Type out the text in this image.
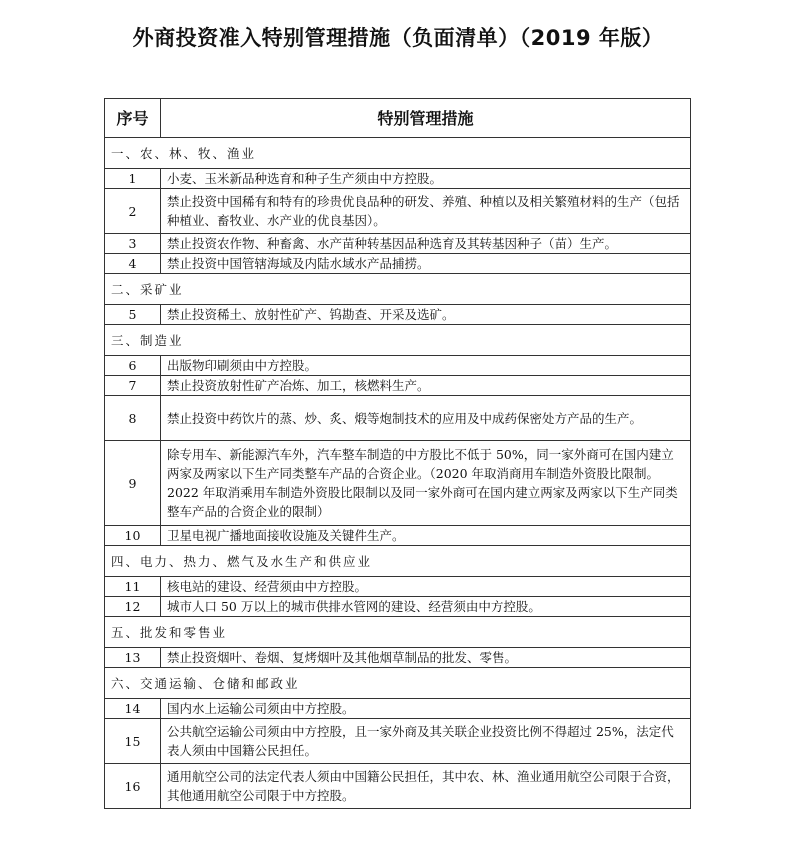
外商投资准入特别管理措施（负面清单）（2019 年版）
序号	特别管理措施
一、农、林、牧、渔业	
1	小麦、玉米新品种选育和种子生产须由中方控股。
2	禁止投资中国稀有和特有的珍贵优良品种的研发、养殖、种植以及相关繁殖材料的生产（包括种植业、畜牧业、水产业的优良基因）。
3	禁止投资农作物、种畜禽、水产苗种转基因品种选育及其转基因种子（苗）生产。
4	禁止投资中国管辖海域及内陆水域水产品捕捞。
二、采矿业	
5	禁止投资稀土、放射性矿产、钨勘查、开采及选矿。
三、制造业	
6	出版物印刷须由中方控股。
7	禁止投资放射性矿产冶炼、加工，核燃料生产。
8	禁止投资中药饮片的蒸、炒、炙、煅等炮制技术的应用及中成药保密处方产品的生产。
9	除专用车、新能源汽车外，汽车整车制造的中方股比不低于 50%，同一家外商可在国内建立两家及两家以下生产同类整车产品的合资企业。（2020 年取消商用车制造外资股比限制。2022 年取消乘用车制造外资股比限制以及同一家外商可在国内建立两家及两家以下生产同类整车产品的合资企业的限制）
10	卫星电视广播地面接收设施及关键件生产。
四、电力、热力、燃气及水生产和供应业	
11	核电站的建设、经营须由中方控股。
12	城市人口 50 万以上的城市供排水管网的建设、经营须由中方控股。
五、批发和零售业	
13	禁止投资烟叶、卷烟、复烤烟叶及其他烟草制品的批发、零售。
六、交通运输、仓储和邮政业	
14	国内水上运输公司须由中方控股。
15	公共航空运输公司须由中方控股，且一家外商及其关联企业投资比例不得超过 25%，法定代表人须由中国籍公民担任。
16	通用航空公司的法定代表人须由中国籍公民担任，其中农、林、渔业通用航空公司限于合资，其他通用航空公司限于中方控股。
